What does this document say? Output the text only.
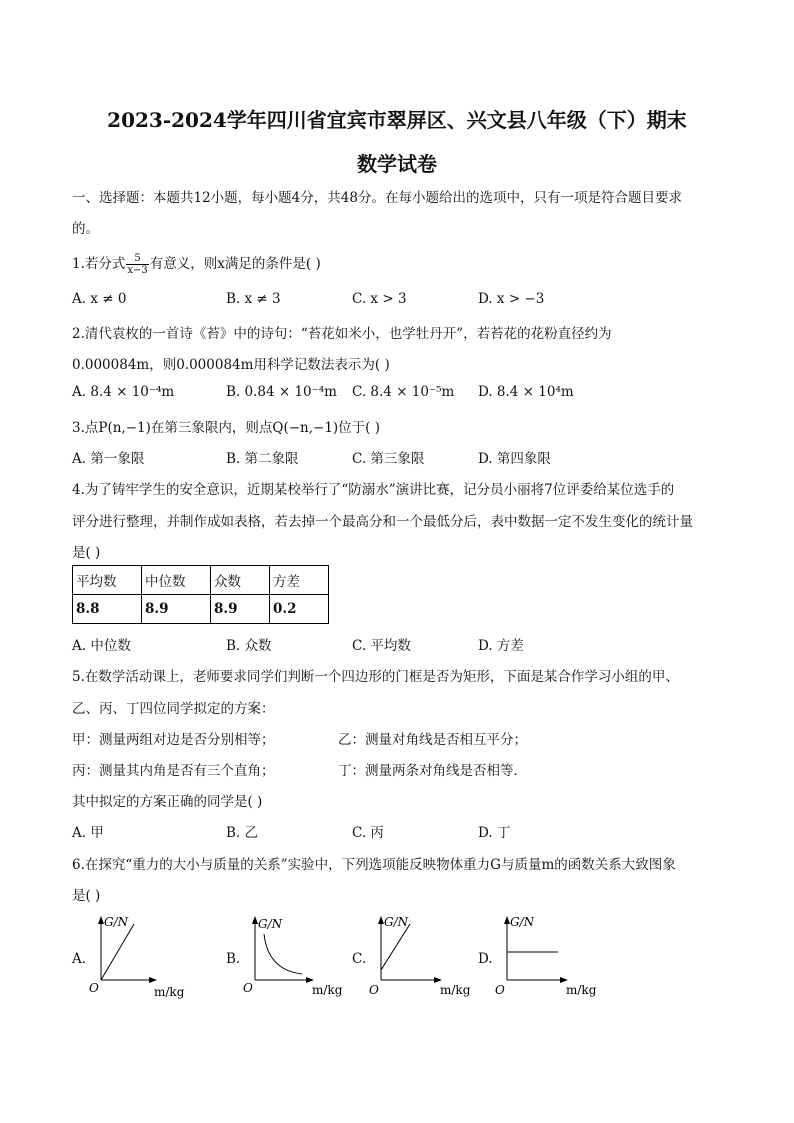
2023-2024学年四川省宜宾市翠屏区、兴文县八年级（下）期末
数学试卷
一、选择题：本题共12小题，每小题4分，共48分。在每小题给出的选项中，只有一项是符合题目要求
的。
1.若分式 $\frac{5}{x-3}$ 有意义，则x满足的条件是( )
A. x ≠ 0	B. x ≠ 3	C. x > 3	D. x > −3
2.清代袁枚的一首诗《苔》中的诗句：“苔花如米小，也学牡丹开”，若苔花的花粉直径约为
0.000084m，则0.000084m用科学记数法表示为( )
A. 8.4 × 10⁻⁴m	B. 0.84 × 10⁻⁴m C. 8.4 × 10⁻⁵m D. 8.4 × 10⁴m
3.点P(n,−1)在第三象限内，则点Q(−n,−1)位于( )
A. 第一象限	B. 第二象限	C. 第三象限	D. 第四象限
4.为了铸牢学生的安全意识，近期某校举行了“防溺水”演讲比赛，记分员小丽将7位评委给某位选手的
评分进行整理，并制作成如表格，若去掉一个最高分和一个最低分后，表中数据一定不发生变化的统计量
是( )
平均数	中位数	众数	方差
8.8	8.9	8.9	0.2
A. 中位数	B. 众数	C. 平均数	D. 方差
5.在数学活动课上，老师要求同学们判断一个四边形的门框是否为矩形，下面是某合作学习小组的甲、
乙、丙、丁四位同学拟定的方案：
甲：测量两组对边是否分别相等；	乙：测量对角线是否相互平分；
丙：测量其内角是否有三个直角；	丁：测量两条对角线是否相等．
其中拟定的方案正确的同学是( )
A. 甲	B. 乙	C. 丙	D. 丁
6.在探究“重力的大小与质量的关系”实验中，下列选项能反映物体重力G与质量m的函数关系大致图象
是( )
A.
G/N
O	m/kg
B.
G/N
O	m/kg
C.
G/N
O	m/kg
D.
G/N
O	m/kg
